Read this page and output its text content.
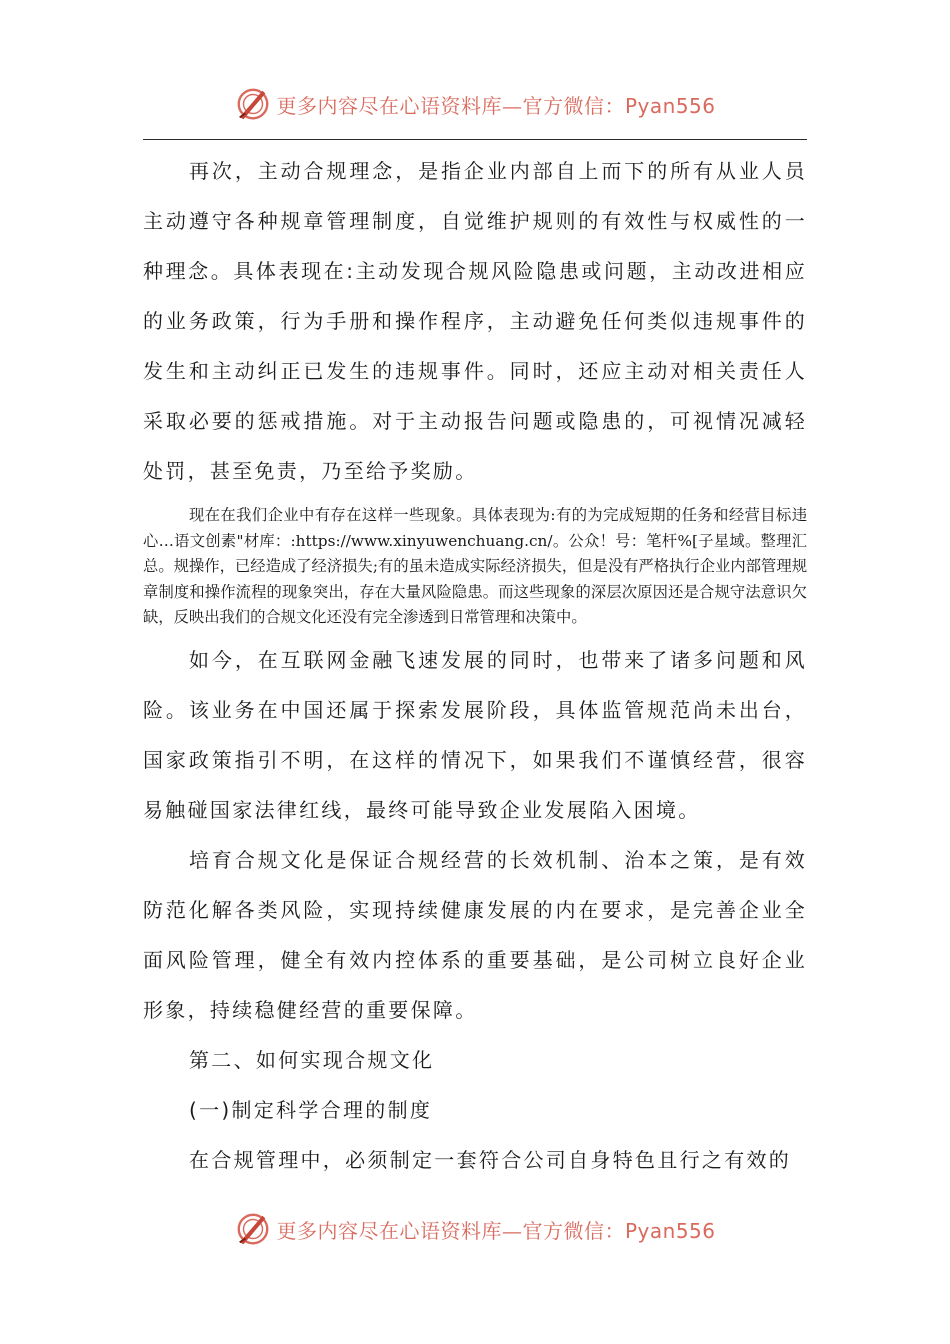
更多内容尽在心语资料库—官方微信：Pyan556

再次，主动合规理念，是指企业内部自上而下的所有从业人员主动遵守各种规章管理制度，自觉维护规则的有效性与权威性的一种理念。具体表现在:主动发现合规风险隐患或问题，主动改进相应的业务政策，行为手册和操作程序，主动避免任何类似违规事件的发生和主动纠正已发生的违规事件。同时，还应主动对相关责任人采取必要的惩戒措施。对于主动报告问题或隐患的，可视情况减轻处罚，甚至免责，乃至给予奖励。

现在在我们企业中有存在这样一些现象。具体表现为:有的为完成短期的任务和经营目标违心…语文创素"材库：:https://www.xinyuwenchuang.cn/。公众！号：笔杆%[子星域。整理汇总。规操作，已经造成了经济损失;有的虽未造成实际经济损失，但是没有严格执行企业内部管理规章制度和操作流程的现象突出，存在大量风险隐患。而这些现象的深层次原因还是合规守法意识欠缺，反映出我们的合规文化还没有完全渗透到日常管理和决策中。

如今，在互联网金融飞速发展的同时，也带来了诸多问题和风险。该业务在中国还属于探索发展阶段，具体监管规范尚未出台，国家政策指引不明，在这样的情况下，如果我们不谨慎经营，很容易触碰国家法律红线，最终可能导致企业发展陷入困境。

培育合规文化是保证合规经营的长效机制、治本之策，是有效防范化解各类风险，实现持续健康发展的内在要求，是完善企业全面风险管理，健全有效内控体系的重要基础，是公司树立良好企业形象，持续稳健经营的重要保障。

第二、如何实现合规文化

(一)制定科学合理的制度

在合规管理中，必须制定一套符合公司自身特色且行之有效的

更多内容尽在心语资料库—官方微信：Pyan556
